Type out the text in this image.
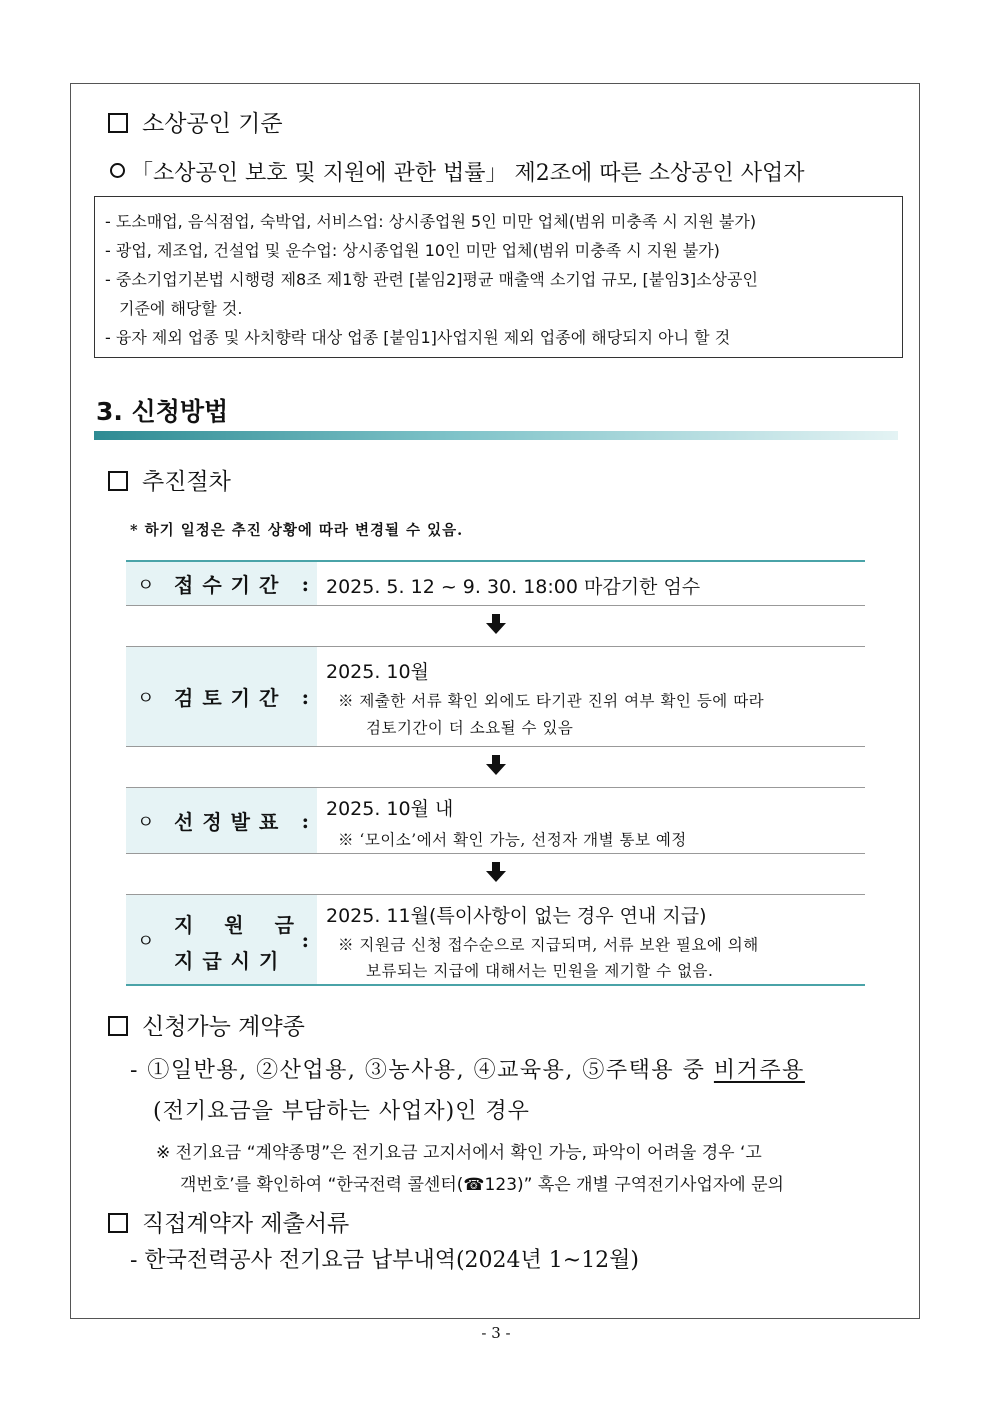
소상공인 기준
「소상공인 보호 및 지원에 관한 법률」 제2조에 따른 소상공인 사업자
- 도소매업, 음식점업, 숙박업, 서비스업: 상시종업원 5인 미만 업체(범위 미충족 시 지원 불가)
- 광업, 제조업, 건설업 및 운수업: 상시종업원 10인 미만 업체(범위 미충족 시 지원 불가)
- 중소기업기본법 시행령 제8조 제1항 관련 [붙임2]평균 매출액 소기업 규모, [붙임3]소상공인
기준에 해당할 것.
- 융자 제외 업종 및 사치향락 대상 업종 [붙임1]사업지원 제외 업종에 해당되지 아니 할 것
3. 신청방법
추진절차
* 하기 일정은 추진 상황에 따라 변경될 수 있음.
ㅇ 접수기간 : 2025. 5. 12 ~ 9. 30. 18:00 마감기한 엄수
ㅇ 검토기간 :
2025. 10월
※ 제출한 서류 확인 외에도 타기관 진위 여부 확인 등에 따라
검토기간이 더 소요될 수 있음
ㅇ 선정발표 : 2025. 10월 내
※ ‘모이소’에서 확인 가능, 선정자 개별 통보 예정
ㅇ
지 원 금
지급시기
:
2025. 11월(특이사항이 없는 경우 연내 지급)
※ 지원금 신청 접수순으로 지급되며, 서류 보완 필요에 의해
보류되는 지급에 대해서는 민원을 제기할 수 없음.
신청가능 계약종
- ①일반용, ②산업용, ③농사용, ④교육용, ⑤주택용 중 비거주용
(전기요금을 부담하는 사업자)인 경우
※ 전기요금 “계약종명”은 전기요금 고지서에서 확인 가능, 파악이 어려울 경우 ‘고
객번호’를 확인하여 “한국전력 콜센터(☎123)” 혹은 개별 구역전기사업자에 문의
직접계약자 제출서류
- 한국전력공사 전기요금 납부내역(2024년 1~12월)
- 3 -
